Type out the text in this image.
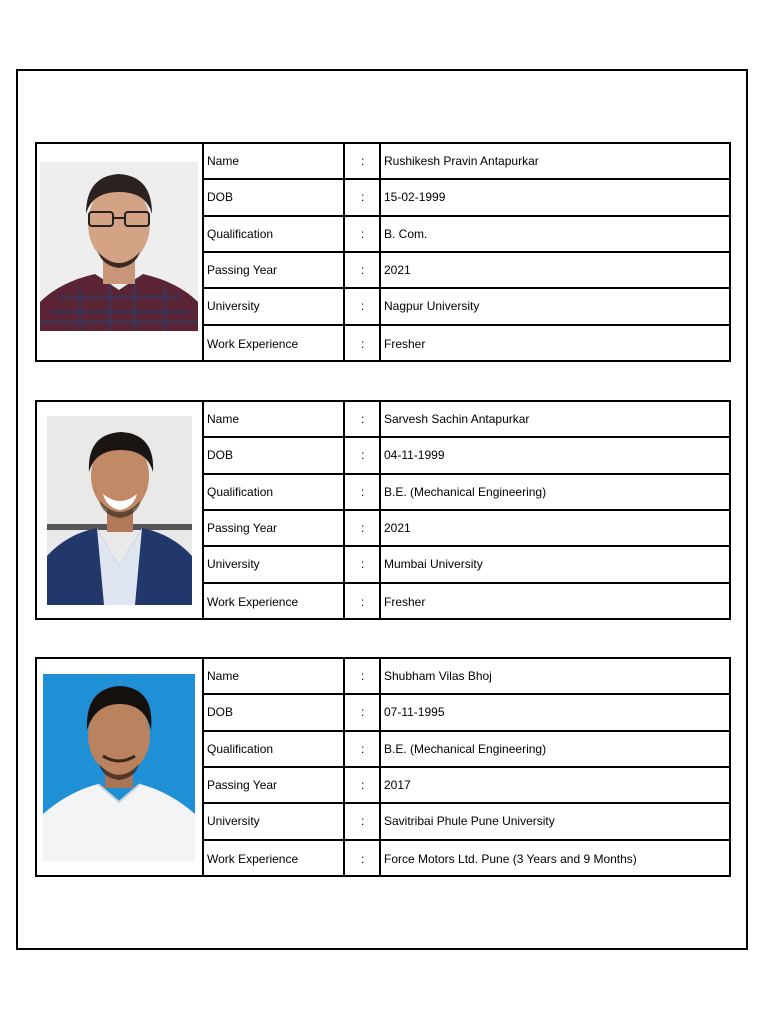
Name	: Rushikesh Pravin Antapurkar
DOB	: 15-02-1999
Qualification	: B. Com.
Passing Year	: 2021
University	: Nagpur University
Work Experience	: Fresher
Name	: Sarvesh Sachin Antapurkar
DOB	: 04-11-1999
Qualification	: B.E. (Mechanical Engineering)
Passing Year	: 2021
University	: Mumbai University
Work Experience	: Fresher
Name	: Shubham Vilas Bhoj
DOB	: 07-11-1995
Qualification	: B.E. (Mechanical Engineering)
Passing Year	: 2017
University	: Savitribai Phule Pune University
Work Experience	: Force Motors Ltd. Pune (3 Years and 9 Months)
